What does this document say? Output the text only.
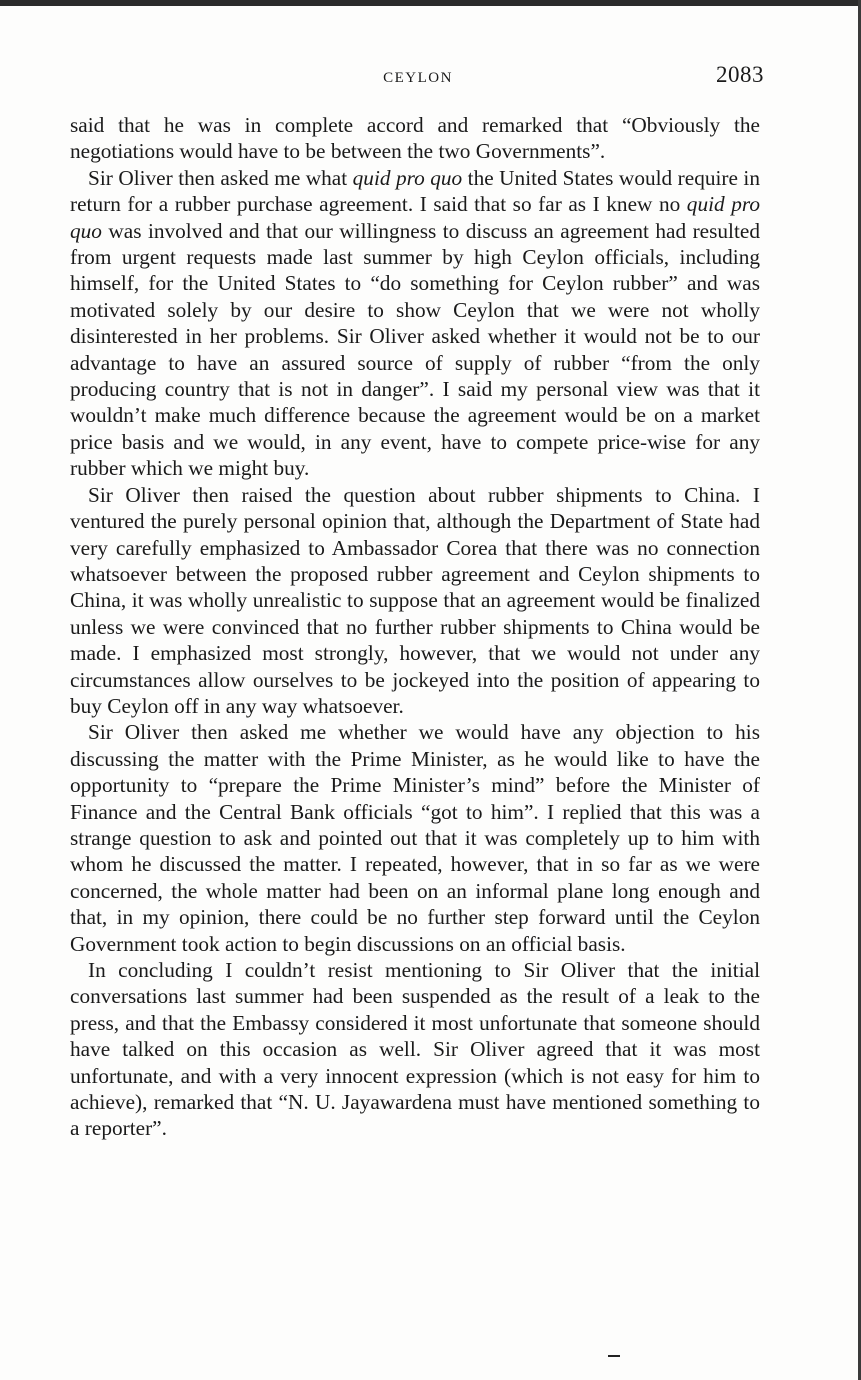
CEYLON	2083

said that he was in complete accord and remarked that “Obviously the negotiations would have to be between the two Governments”.

Sir Oliver then asked me what quid pro quo the United States would require in return for a rubber purchase agreement. I said that so far as I knew no quid pro quo was involved and that our willingness to discuss an agreement had resulted from urgent requests made last summer by high Ceylon officials, including himself, for the United States to “do something for Ceylon rubber” and was motivated solely by our desire to show Ceylon that we were not wholly disinterested in her problems. Sir Oliver asked whether it would not be to our advantage to have an assured source of supply of rubber “from the only producing country that is not in danger”. I said my personal view was that it wouldn’t make much difference because the agreement would be on a market price basis and we would, in any event, have to compete price-wise for any rubber which we might buy.

Sir Oliver then raised the question about rubber shipments to China. I ventured the purely personal opinion that, although the Department of State had very carefully emphasized to Ambassador Corea that there was no connection whatsoever between the proposed rubber agreement and Ceylon shipments to China, it was wholly unrealistic to suppose that an agreement would be finalized unless we were convinced that no further rubber shipments to China would be made. I emphasized most strongly, however, that we would not under any circumstances allow ourselves to be jockeyed into the position of appearing to buy Ceylon off in any way whatsoever.

Sir Oliver then asked me whether we would have any objection to his discussing the matter with the Prime Minister, as he would like to have the opportunity to “prepare the Prime Minister’s mind” before the Minister of Finance and the Central Bank officials “got to him”. I replied that this was a strange question to ask and pointed out that it was completely up to him with whom he discussed the matter. I repeated, however, that in so far as we were concerned, the whole matter had been on an informal plane long enough and that, in my opinion, there could be no further step forward until the Ceylon Government took action to begin discussions on an official basis.

In concluding I couldn’t resist mentioning to Sir Oliver that the initial conversations last summer had been suspended as the result of a leak to the press, and that the Embassy considered it most unfortunate that someone should have talked on this occasion as well. Sir Oliver agreed that it was most unfortunate, and with a very innocent expression (which is not easy for him to achieve), remarked that “N. U. Jayawardena must have mentioned something to a reporter”.
